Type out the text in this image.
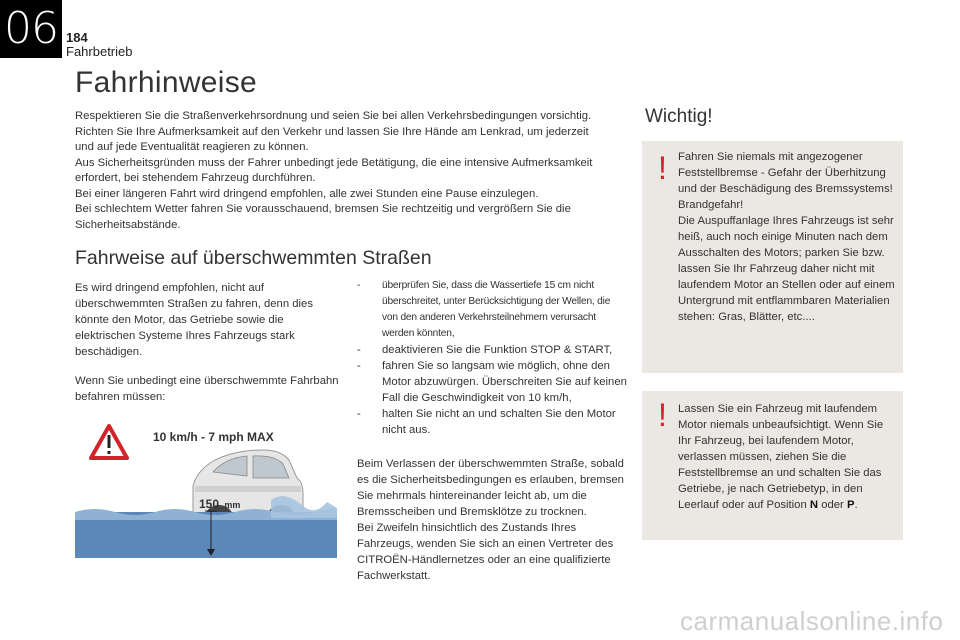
06 184
Fahrbetrieb
Fahrhinweise

Respektieren Sie die Straßenverkehrsordnung und seien Sie bei allen Verkehrsbedingungen vorsichtig.

Richten Sie Ihre Aufmerksamkeit auf den Verkehr und lassen Sie Ihre Hände am Lenkrad, um jederzeit

und auf jede Eventualität reagieren zu können.

Aus Sicherheitsgründen muss der Fahrer unbedingt jede Betätigung, die eine intensive Aufmerksamkeit

erfordert, bei stehendem Fahrzeug durchführen.

Bei einer längeren Fahrt wird dringend empfohlen, alle zwei Stunden eine Pause einzulegen.

Bei schlechtem Wetter fahren Sie vorausschauend, bremsen Sie rechtzeitig und vergrößern Sie die

Sicherheitsabstände.

Fahrweise auf überschwemmten Straßen

Es wird dringend empfohlen, nicht auf überschwemmten Straßen zu fahren, denn dies könnte den Motor, das Getriebe sowie die elektrischen Systeme Ihres Fahrzeugs stark beschädigen.

Wenn Sie unbedingt eine überschwemmte Fahrbahn befahren müssen:

10 km/h - 7 mph MAX
150 mm
- überprüfen Sie, dass die Wassertiefe 15 cm nicht überschreitet, unter Berücksichtigung der Wellen, die von den anderen Verkehrsteilnehmern verursacht werden könnten,
- deaktivieren Sie die Funktion STOP & START,
- fahren Sie so langsam wie möglich, ohne den Motor abzuwürgen. Überschreiten Sie auf keinen Fall die Geschwindigkeit von 10 km/h,
- halten Sie nicht an und schalten Sie den Motor nicht aus.

Beim Verlassen der überschwemmten Straße, sobald es die Sicherheitsbedingungen es erlauben, bremsen Sie mehrmals hintereinander leicht ab, um die Bremsscheiben und Bremsklötze zu trocknen.
Bei Zweifeln hinsichtlich des Zustands Ihres Fahrzeugs, wenden Sie sich an einen Vertreter des CITROËN-Händlernetzes oder an eine qualifizierte Fachwerkstatt.

Wichtig!
! Fahren Sie niemals mit angezogener Feststellbremse - Gefahr der Überhitzung und der Beschädigung des Bremssystems!
Brandgefahr!
Die Auspuffanlage Ihres Fahrzeugs ist sehr heiß, auch noch einige Minuten nach dem Ausschalten des Motors; parken Sie bzw. lassen Sie Ihr Fahrzeug daher nicht mit laufendem Motor an Stellen oder auf einem Untergrund mit entflammbaren Materialien stehen: Gras, Blätter, etc....

! Lassen Sie ein Fahrzeug mit laufendem Motor niemals unbeaufsichtigt. Wenn Sie Ihr Fahrzeug, bei laufendem Motor, verlassen müssen, ziehen Sie die Feststellbremse an und schalten Sie das Getriebe, je nach Getriebetyp, in den Leerlauf oder auf Position N oder P.

carmanualsonline.info
